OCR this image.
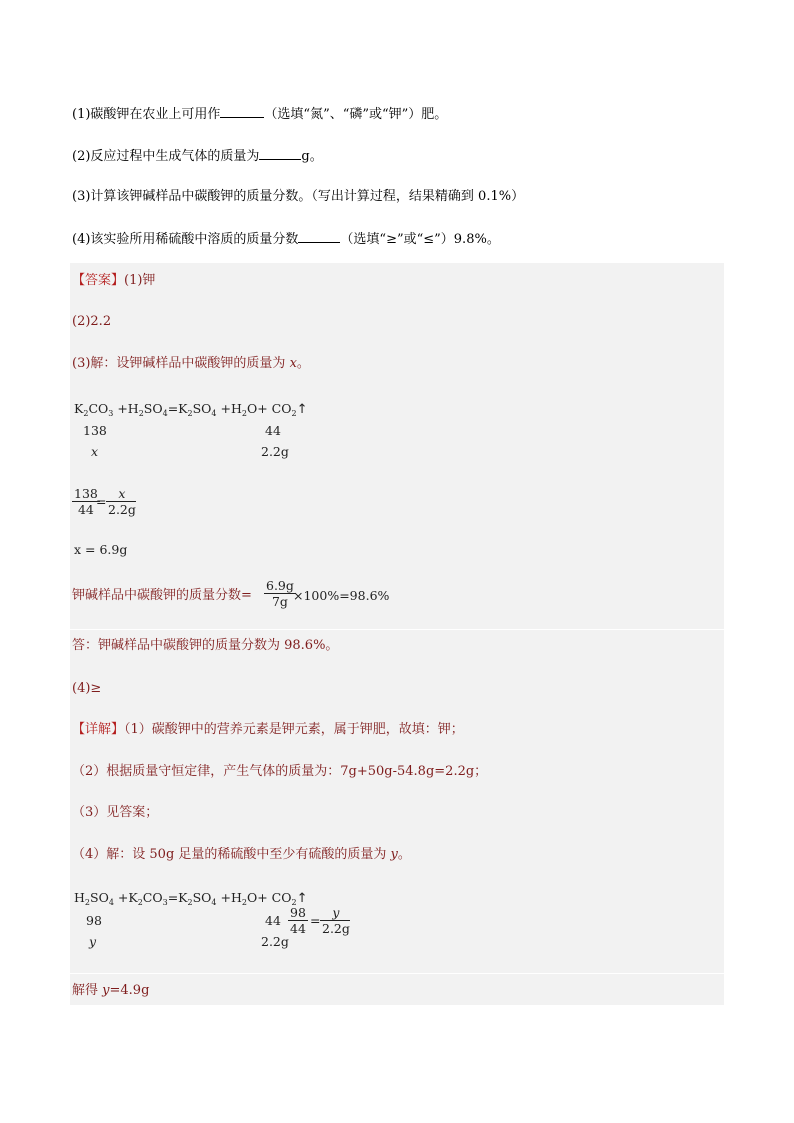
(1)碳酸钾在农业上可用作	（选填“氮”、“磷”或“钾”）肥。
(2)反应过程中生成气体的质量为	g。
(3)计算该钾碱样品中碳酸钾的质量分数。（写出计算过程，结果精确到 0.1%）
(4)该实验所用稀硫酸中溶质的质量分数	（选填“≥”或“≤”）9.8%。
【答案】(1)钾
(2)2.2
(3)解：设钾碱样品中碳酸钾的质量为 x。
$K_2CO_3 +H_2SO_4=K_2SO_4 +H_2O+$ $CO_2↑$
138	44
x	2.2g
138
44
=
x
2.2g
x = 6.9g
钾碱样品中碳酸钾的质量分数=
6.9g
7g ×100%=98.6%
答：钾碱样品中碳酸钾的质量分数为 98.6%。
(4)≥
【详解】（1）碳酸钾中的营养元素是钾元素，属于钾肥，故填：钾；
（2）根据质量守恒定律，产生气体的质量为：7g+50g-54.8g=2.2g；
（3）见答案；
（4）解：设 50g 足量的稀硫酸中至少有硫酸的质量为 y。
$H_2SO_4 +K_2CO_3=K_2SO_4 +H_2O+$ $CO_2↑$
98	44
y	2.2g
98
44
=
y
2.2g
解得 y=4.9g
